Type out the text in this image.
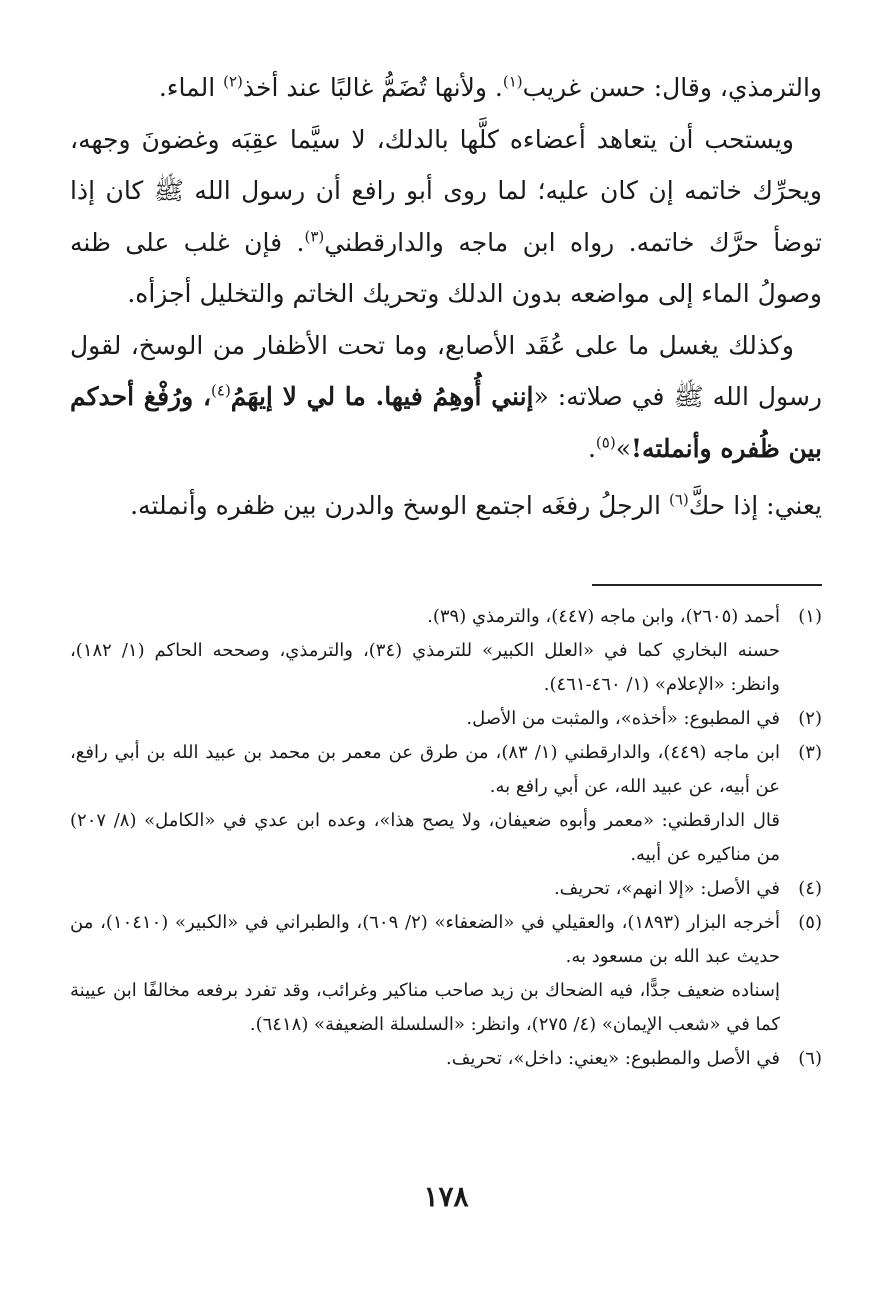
والترمذي، وقال: حسن غريب$^{(١)}$. ولأنها تُضَمُّ غالبًا عند أخذ$^{(٢)}$ الماء.

ويستحب أن يتعاهد أعضاءه كلَّها بالدلك، لا سيَّما عقِبَه وغضونَ وجهه، ويحرِّك خاتمه إن كان عليه؛ لما روى أبو رافع أن رسول الله ﷺ كان إذا توضأ حرَّك خاتمه. رواه ابن ماجه والدارقطني$^{(٣)}$. فإن غلب على ظنه وصولُ الماء إلى مواضعه بدون الدلك وتحريك الخاتم والتخليل أجزأه.

وكذلك يغسل ما على عُقَد الأصابع، وما تحت الأظفار من الوسخ، لقول رسول الله ﷺ في صلاته: «إنني أُوهِمُ فيها. ما لي لا إيهَمُ$^{(٤)}$، ورُفْغ أحدكم بين ظُفره وأنملته!»$^{(٥)}$.

يعني: إذا حكَّ$^{(٦)}$ الرجلُ رفغَه اجتمع الوسخ والدرن بين ظفره وأنملته.

(١)
أحمد (٢٦٠٥)، وابن ماجه (٤٤٧)، والترمذي (٣٩).
حسنه البخاري كما في «العلل الكبير» للترمذي (٣٤)، والترمذي، وصححه الحاكم (١/ ١٨٢)، وانظر: «الإعلام» (١/ ٤٦٠-٤٦١).
(٢)
في المطبوع: «أخذه»، والمثبت من الأصل.
(٣)
ابن ماجه (٤٤٩)، والدارقطني (١/ ٨٣)، من طرق عن معمر بن محمد بن عبيد الله بن أبي رافع، عن أبيه، عن عبيد الله، عن أبي رافع به.
قال الدارقطني: «معمر وأبوه ضعيفان، ولا يصح هذا»، وعده ابن عدي في «الكامل» (٨/ ٢٠٧) من مناكيره عن أبيه.
(٤)
في الأصل: «إلا انهم»، تحريف.
(٥)
أخرجه البزار (١٨٩٣)، والعقيلي في «الضعفاء» (٢/ ٦٠٩)، والطبراني في «الكبير» (١٠٤١٠)، من حديث عبد الله بن مسعود به.
إسناده ضعيف جدًّا، فيه الضحاك بن زيد صاحب مناكير وغرائب، وقد تفرد برفعه مخالفًا ابن عيينة كما في «شعب الإيمان» (٤/ ٢٧٥)، وانظر: «السلسلة الضعيفة» (٦٤١٨).
(٦)
في الأصل والمطبوع: «يعني: داخل»، تحريف.
١٧٨
